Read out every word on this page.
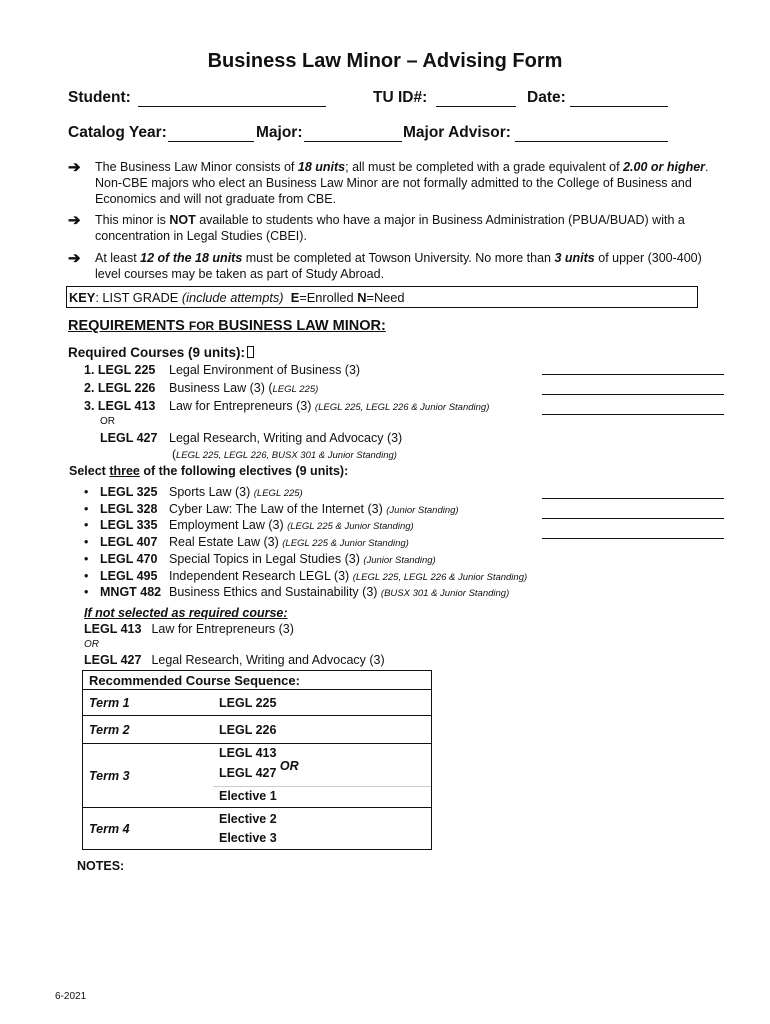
Business Law Minor – Advising Form
Student:	TU ID#:	Date:
Catalog Year:	Major:	Major Advisor:
➔ The Business Law Minor consists of 18 units; all must be completed with a grade equivalent of 2.00 or higher.
Non-CBE majors who elect an Business Law Minor are not formally admitted to the College of Business and
Economics and will not graduate from CBE.
➔ This minor is NOT available to students who have a major in Business Administration (PBUA/BUAD) with a
concentration in Legal Studies (CBEI).
➔ At least 12 of the 18 units must be completed at Towson University. No more than 3 units of upper (300-400)
level courses may be taken as part of Study Abroad.
KEY: LIST GRADE (include attempts) E=Enrolled N=Need
REQUIREMENTS FOR BUSINESS LAW MINOR:
Required Courses (9 units):
1. LEGL 225 Legal Environment of Business (3)
2. LEGL 226 Business Law (3) (LEGL 225)
3. LEGL 413 Law for Entrepreneurs (3) (LEGL 225, LEGL 226 & Junior Standing)
OR
LEGL 427 Legal Research, Writing and Advocacy (3)
(LEGL 225, LEGL 226, BUSX 301 & Junior Standing)
Select three of the following electives (9 units):
• LEGL 325 Sports Law (3) (LEGL 225)
• LEGL 328 Cyber Law: The Law of the Internet (3) (Junior Standing)
• LEGL 335 Employment Law (3) (LEGL 225 & Junior Standing)
• LEGL 407 Real Estate Law (3) (LEGL 225 & Junior Standing)
• LEGL 470 Special Topics in Legal Studies (3) (Junior Standing)
• LEGL 495 Independent Research LEGL (3) (LEGL 225, LEGL 226 & Junior Standing)
• MNGT 482 Business Ethics and Sustainability (3) (BUSX 301 & Junior Standing)
If not selected as required course:
LEGL 413 Law for Entrepreneurs (3)
OR
LEGL 427 Legal Research, Writing and Advocacy (3)
Recommended Course Sequence:	
Term 1	LEGL 225
Term 2	LEGL 226
Term 3	LEGL 413
LEGL 427 OR
Elective 1

Term 4	Elective 2
Elective 3
NOTES:
6-2021
